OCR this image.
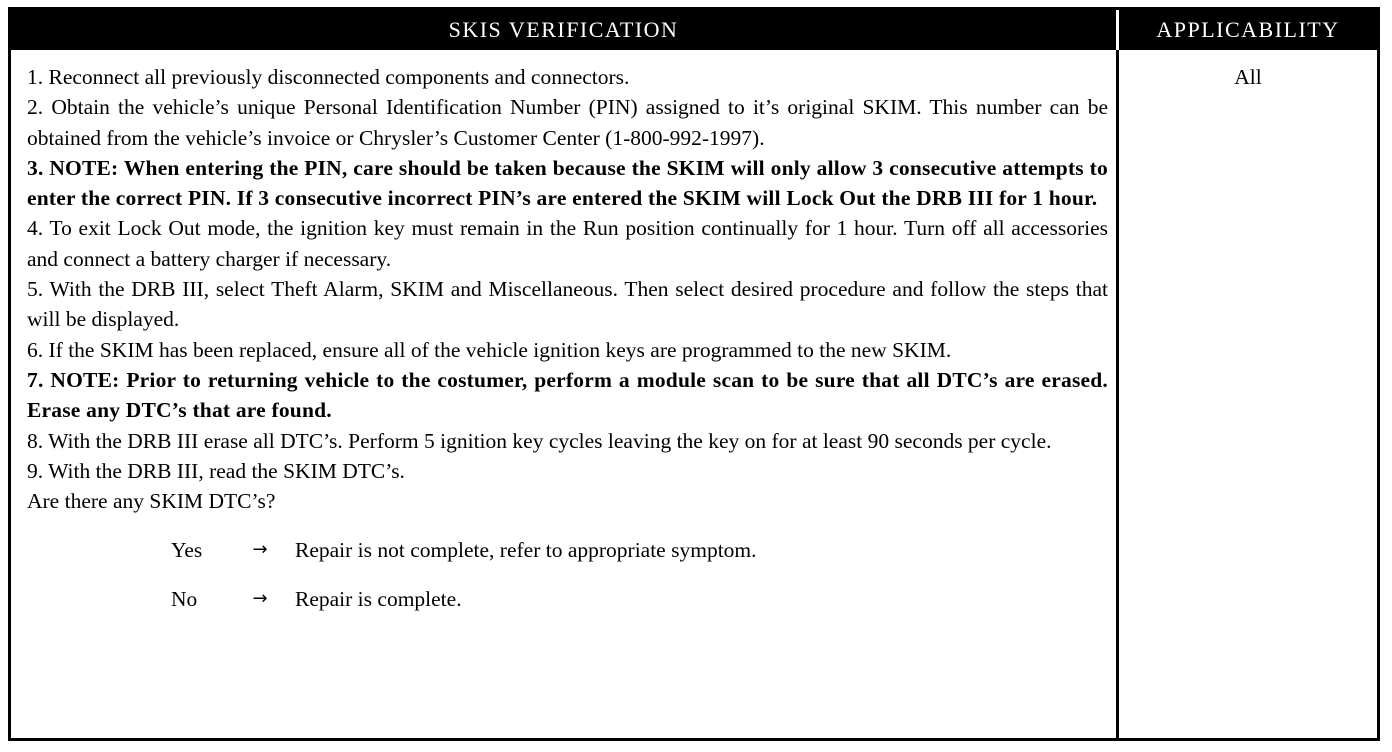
SKIS VERIFICATION	APPLICABILITY
1. Reconnect all previously disconnected components and connectors.
2. Obtain the vehicle’s unique Personal Identification Number (PIN) assigned to it’s original SKIM. This number can be obtained from the vehicle’s invoice or Chrysler’s Customer Center (1-800-992-1997).
3. NOTE: When entering the PIN, care should be taken because the SKIM will only allow 3 consecutive attempts to enter the correct PIN. If 3 consecutive incorrect PIN’s are entered the SKIM will Lock Out the DRB III for 1 hour.
4. To exit Lock Out mode, the ignition key must remain in the Run position continually for 1 hour. Turn off all accessories and connect a battery charger if necessary.
5. With the DRB III, select Theft Alarm, SKIM and Miscellaneous. Then select desired procedure and follow the steps that will be displayed.
6. If the SKIM has been replaced, ensure all of the vehicle ignition keys are programmed to the new SKIM.
7. NOTE: Prior to returning vehicle to the costumer, perform a module scan to be sure that all DTC’s are erased. Erase any DTC’s that are found.
8. With the DRB III erase all DTC’s. Perform 5 ignition key cycles leaving the key on for at least 90 seconds per cycle.
9. With the DRB III, read the SKIM DTC’s.
Are there any SKIM DTC’s?
Yes	→	Repair is not complete, refer to appropriate symptom.
No	→	Repair is complete.
All
